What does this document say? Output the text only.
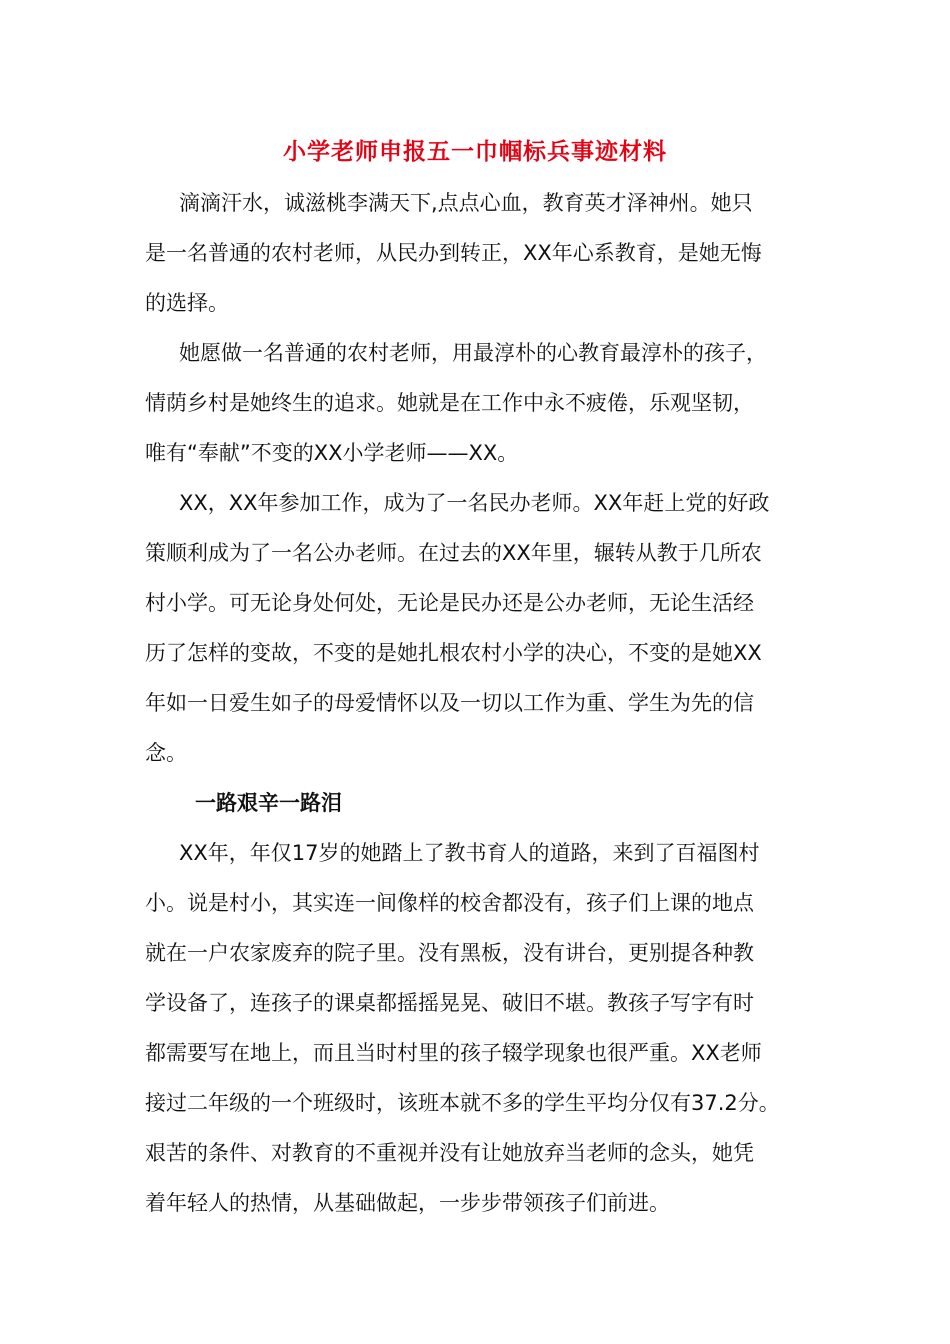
小学老师申报五一巾帼标兵事迹材料
滴滴汗水，诚滋桃李满天下,点点心血，教育英才泽神州。她只
是一名普通的农村老师，从民办到转正，XX年心系教育，是她无悔
的选择。
她愿做一名普通的农村老师，用最淳朴的心教育最淳朴的孩子，
情荫乡村是她终生的追求。她就是在工作中永不疲倦，乐观坚韧，
唯有“奉献”不变的XX小学老师——XX。
XX，XX年参加工作，成为了一名民办老师。XX年赶上党的好政
策顺利成为了一名公办老师。在过去的XX年里，辗转从教于几所农
村小学。可无论身处何处，无论是民办还是公办老师，无论生活经
历了怎样的变故，不变的是她扎根农村小学的决心，不变的是她XX
年如一日爱生如子的母爱情怀以及一切以工作为重、学生为先的信
念。
一路艰辛一路泪
XX年，年仅17岁的她踏上了教书育人的道路，来到了百福图村
小。说是村小，其实连一间像样的校舍都没有，孩子们上课的地点
就在一户农家废弃的院子里。没有黑板，没有讲台，更别提各种教
学设备了，连孩子的课桌都摇摇晃晃、破旧不堪。教孩子写字有时
都需要写在地上，而且当时村里的孩子辍学现象也很严重。XX老师
接过二年级的一个班级时，该班本就不多的学生平均分仅有37.2分。
艰苦的条件、对教育的不重视并没有让她放弃当老师的念头，她凭
着年轻人的热情，从基础做起，一步步带领孩子们前进。
